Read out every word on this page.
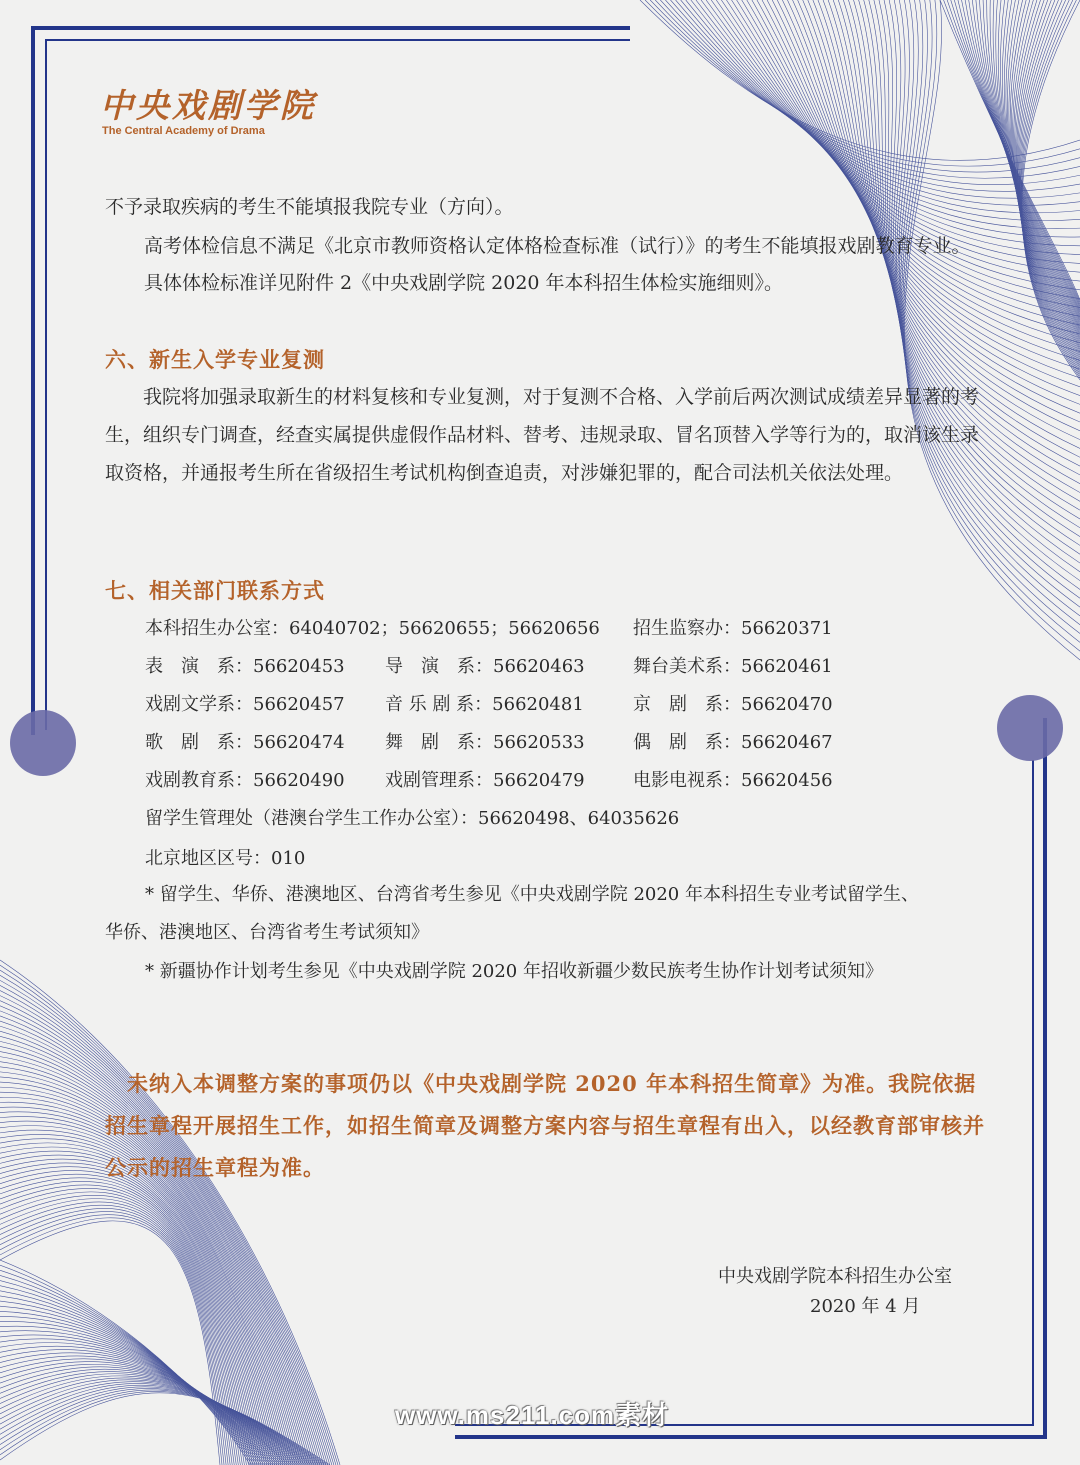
中央戏剧学院
The Central Academy of Drama
不予录取疾病的考生不能填报我院专业（方向）。
高考体检信息不满足《北京市教师资格认定体格检查标准（试行）》的考生不能填报戏剧教育专业。
具体体检标准详见附件 2《中央戏剧学院 2020 年本科招生体检实施细则》。
六、新生入学专业复测
我院将加强录取新生的材料复核和专业复测，对于复测不合格、入学前后两次测试成绩差异显著的考生，组织专门调查，经查实属提供虚假作品材料、替考、违规录取、冒名顶替入学等行为的，取消该生录取资格，并通报考生所在省级招生考试机构倒查追责，对涉嫌犯罪的，配合司法机关依法处理。
七、相关部门联系方式
本科招生办公室：64040702；56620655；56620656 招生监察办：56620371
表　演　系：56620453 导　演　系：56620463	舞台美术系：56620461
戏剧文学系：56620457 音 乐 剧 系：56620481	京　剧　系：56620470
歌　剧　系：56620474 舞　剧　系：56620533	偶　剧　系：56620467
戏剧教育系：56620490 戏剧管理系：56620479	电影电视系：56620456
留学生管理处（港澳台学生工作办公室）：56620498、64035626
北京地区区号：010
* 留学生、华侨、港澳地区、台湾省考生参见《中央戏剧学院 2020 年本科招生专业考试留学生、
华侨、港澳地区、台湾省考生考试须知》
* 新疆协作计划考生参见《中央戏剧学院 2020 年招收新疆少数民族考生协作计划考试须知》
　未纳入本调整方案的事项仍以《中央戏剧学院 2020 年本科招生简章》为准。我院依据招生章程开展招生工作，如招生简章及调整方案内容与招生章程有出入，以经教育部审核并公示的招生章程为准。
中央戏剧学院本科招生办公室
2020 年 4 月
www.ms211.com素材
